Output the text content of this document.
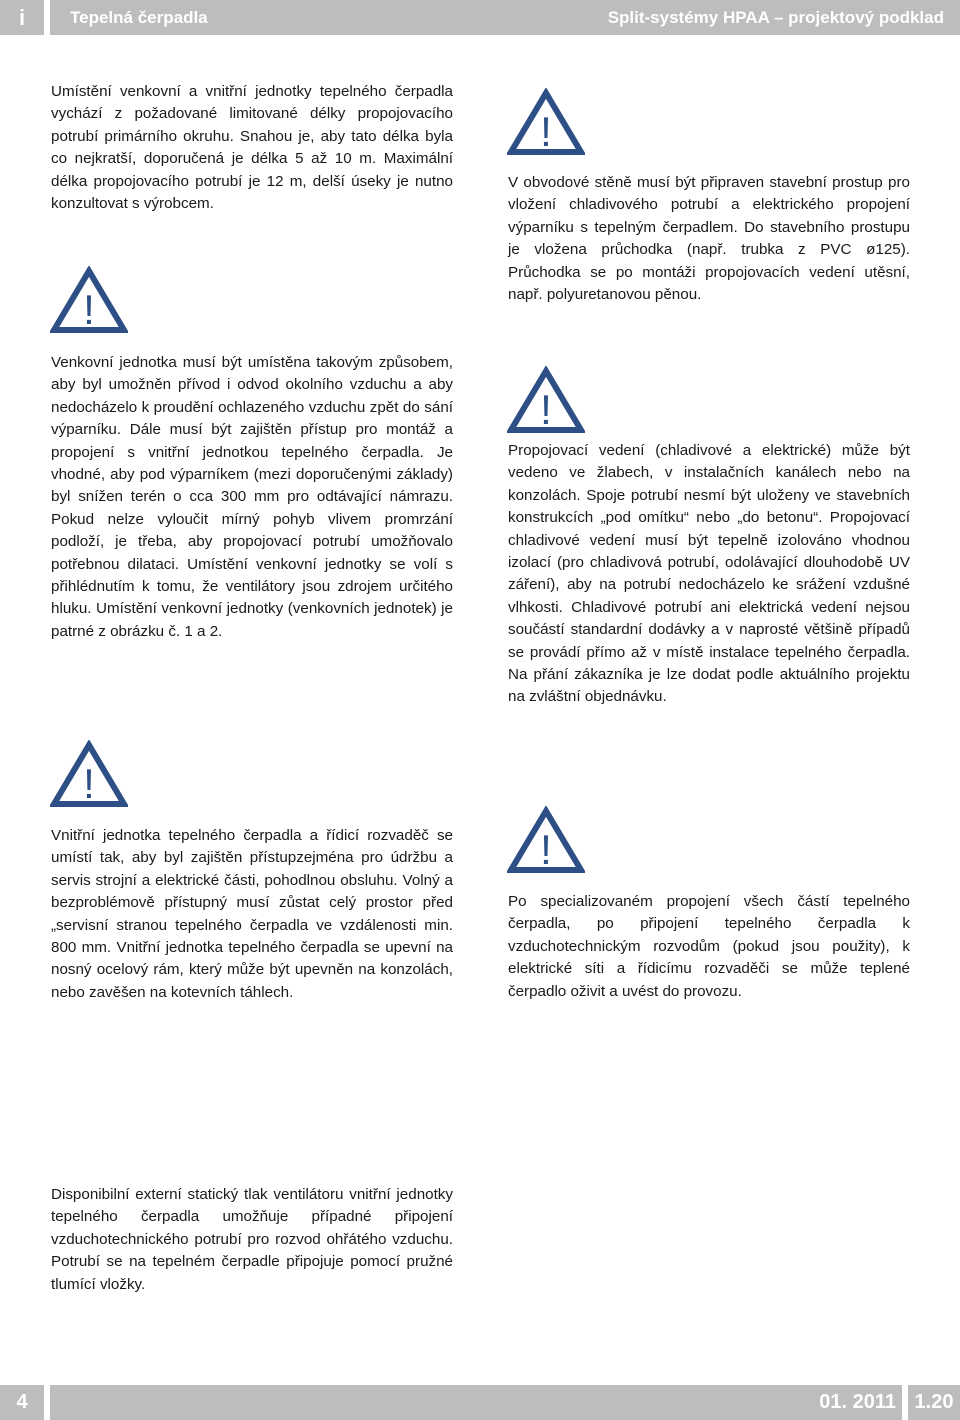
i	Tepelná čerpadla	Split-systémy HPAA – projektový podklad
!
!
!
!
!

Umístění venkovní a vnitřní jednotky tepelného čerpadla vychází z požadované limitované délky propojovacího potrubí primárního okruhu. Snahou je, aby tato délka byla co nejkratší, doporučená je délka 5 až 10 m. Maximální délka propojovacího potrubí je 12 m, delší úseky je nutno konzultovat s výrobcem.

Venkovní jednotka musí být umístěna takovým způsobem, aby byl umožněn přívod i odvod okolního vzduchu a aby nedocházelo k proudění ochlazeného vzduchu zpět do sání výparníku. Dále musí být zajištěn přístup pro montáž a propojení s vnitřní jednotkou tepelného čerpadla. Je vhodné, aby pod výparníkem (mezi doporučenými základy) byl snížen terén o cca 300 mm pro odtávající námrazu. Pokud nelze vyloučit mírný pohyb vlivem promrzání podloží, je třeba, aby propojovací potrubí umožňovalo potřebnou dilataci. Umístění venkovní jednotky se volí s přihlédnutím k tomu, že ventilátory jsou zdrojem určitého hluku. Umístění venkovní jednotky (venkovních jednotek) je patrné z obrázku č. 1 a 2.

Vnitřní jednotka tepelného čerpadla a řídicí rozvaděč se umístí tak, aby byl zajištěn přístupzejména pro údržbu a servis strojní a elektrické části, pohodlnou obsluhu. Volný a bezproblémově přístupný musí zůstat celý prostor před „servisní stranou tepelného čerpadla ve vzdálenosti min. 800 mm. Vnitřní jednotka tepelného čerpadla se upevní na nosný ocelový rám, který může být upevněn na konzolách, nebo zavěšen na kotevních táhlech.

Disponibilní externí statický tlak ventilátoru vnitřní jednotky tepelného čerpadla umožňuje případné připojení vzduchotechnického potrubí pro rozvod ohřátého vzduchu. Potrubí se na tepelném čerpadle připojuje pomocí pružné tlumící vložky.

V obvodové stěně musí být připraven stavební prostup pro vložení chladivového potrubí a elektrického propojení výparníku s tepelným čerpadlem. Do stavebního prostupu je vložena průchodka (např. trubka z PVC ø125). Průchodka se po montáži propojovacích vedení utěsní, např. polyuretanovou pěnou.

Propojovací vedení (chladivové a elektrické) může být vedeno ve žlabech, v instalačních kanálech nebo na konzolách. Spoje potrubí nesmí být uloženy ve stavebních konstrukcích „pod omítku“ nebo „do betonu“. Propojovací chladivové vedení musí být tepelně izolováno vhodnou izolací (pro chladivová potrubí, odolávající dlouhodobě UV záření), aby na potrubí nedocházelo ke srážení vzdušné vlhkosti. Chladivové potrubí ani elektrická vedení nejsou součástí standardní dodávky a v naprosté většině případů se provádí přímo až v místě instalace tepelného čerpadla. Na přání zákazníka je lze dodat podle aktuálního projektu na zvláštní objednávku.

Po specializovaném propojení všech částí tepelného čerpadla, po připojení tepelného čerpadla k vzduchotechnickým rozvodům (pokud jsou použity), k elektrické síti a řídicímu rozvaděči se může teplené čerpadlo oživit a uvést do provozu.

4	01. 2011 1.20
